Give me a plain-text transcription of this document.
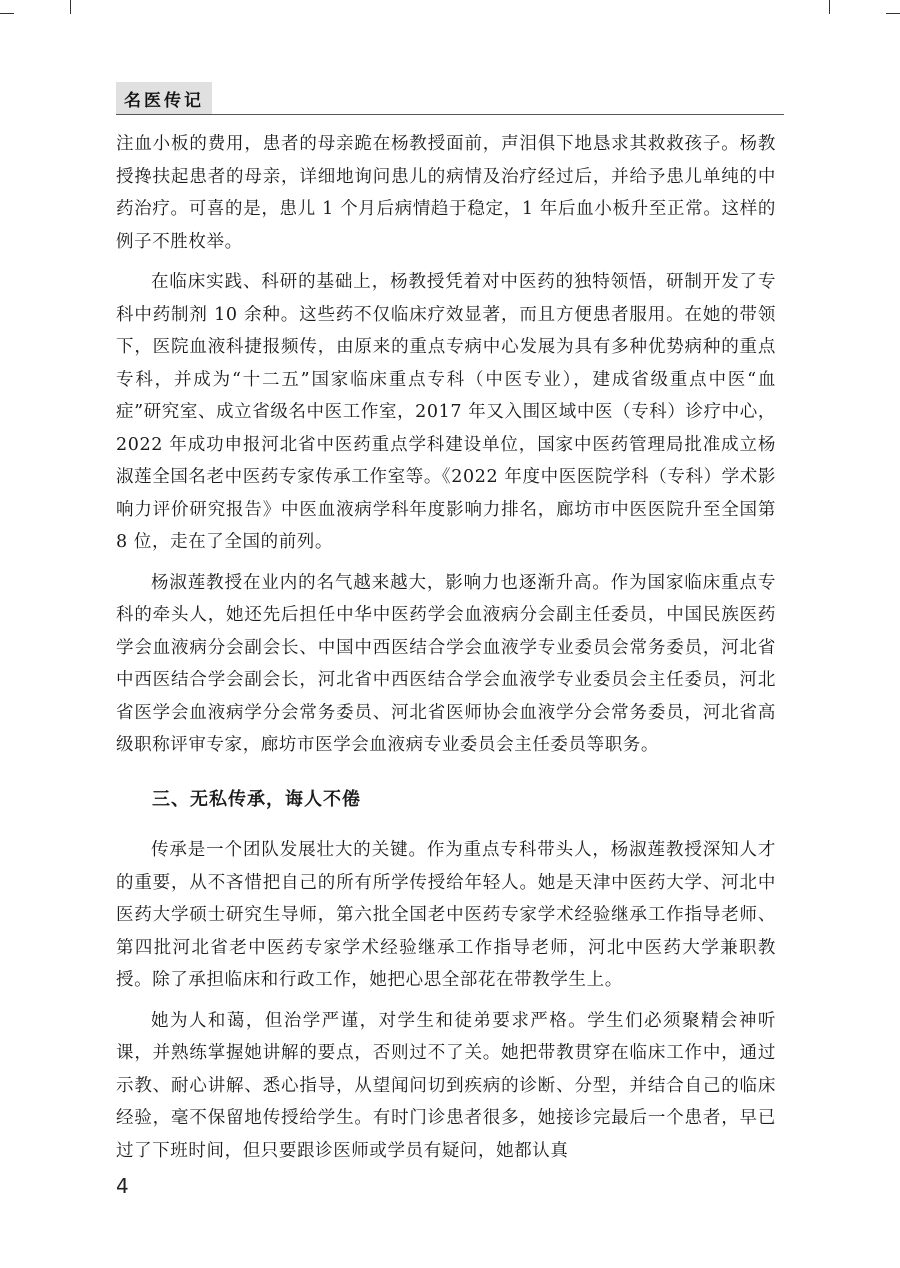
名医传记

注血小板的费用，患者的母亲跪在杨教授面前，声泪俱下地恳求其救救孩子。杨教授搀扶起患者的母亲，详细地询问患儿的病情及治疗经过后，并给予患儿单纯的中药治疗。可喜的是，患儿 1 个月后病情趋于稳定，1 年后血小板升至正常。这样的例子不胜枚举。

在临床实践、科研的基础上，杨教授凭着对中医药的独特领悟，研制开发了专科中药制剂 10 余种。这些药不仅临床疗效显著，而且方便患者服用。在她的带领下，医院血液科捷报频传，由原来的重点专病中心发展为具有多种优势病种的重点专科，并成为“十二五”国家临床重点专科（中医专业），建成省级重点中医“血症”研究室、成立省级名中医工作室，2017 年又入围区域中医（专科）诊疗中心，2022 年成功申报河北省中医药重点学科建设单位，国家中医药管理局批准成立杨淑莲全国名老中医药专家传承工作室等。《2022 年度中医医院学科（专科）学术影响力评价研究报告》中医血液病学科年度影响力排名，廊坊市中医医院升至全国第 8 位，走在了全国的前列。

杨淑莲教授在业内的名气越来越大，影响力也逐渐升高。作为国家临床重点专科的牵头人，她还先后担任中华中医药学会血液病分会副主任委员，中国民族医药学会血液病分会副会长、中国中西医结合学会血液学专业委员会常务委员，河北省中西医结合学会副会长，河北省中西医结合学会血液学专业委员会主任委员，河北省医学会血液病学分会常务委员、河北省医师协会血液学分会常务委员，河北省高级职称评审专家，廊坊市医学会血液病专业委员会主任委员等职务。

三、无私传承，诲人不倦

传承是一个团队发展壮大的关键。作为重点专科带头人，杨淑莲教授深知人才的重要，从不吝惜把自己的所有所学传授给年轻人。她是天津中医药大学、河北中医药大学硕士研究生导师，第六批全国老中医药专家学术经验继承工作指导老师、第四批河北省老中医药专家学术经验继承工作指导老师，河北中医药大学兼职教授。除了承担临床和行政工作，她把心思全部花在带教学生上。

她为人和蔼，但治学严谨，对学生和徒弟要求严格。学生们必须聚精会神听课，并熟练掌握她讲解的要点，否则过不了关。她把带教贯穿在临床工作中，通过示教、耐心讲解、悉心指导，从望闻问切到疾病的诊断、分型，并结合自己的临床经验，毫不保留地传授给学生。有时门诊患者很多，她接诊完最后一个患者，早已过了下班时间，但只要跟诊医师或学员有疑问，她都认真

4
